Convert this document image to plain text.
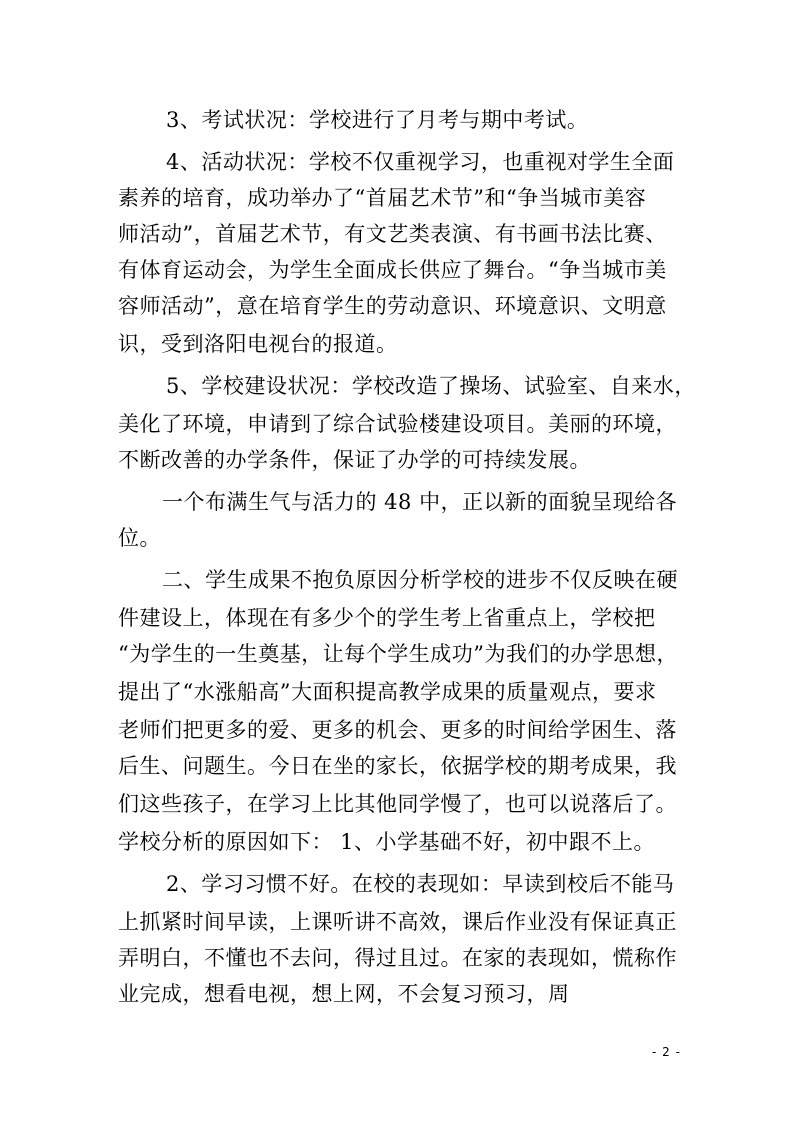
3、考试状况：学校进行了月考与期中考试。
4、活动状况：学校不仅重视学习，也重视对学生全面
素养的培育，成功举办了“首届艺术节”和“争当城市美容
师活动”，首届艺术节，有文艺类表演、有书画书法比赛、
有体育运动会，为学生全面成长供应了舞台。“争当城市美
容师活动”，意在培育学生的劳动意识、环境意识、文明意
识，受到洛阳电视台的报道。
5、学校建设状况：学校改造了操场、试验室、自来水，
美化了环境，申请到了综合试验楼建设项目。美丽的环境，
不断改善的办学条件，保证了办学的可持续发展。
一个布满生气与活力的 48 中，正以新的面貌呈现给各
位。
二、学生成果不抱负原因分析学校的进步不仅反映在硬
件建设上，体现在有多少个的学生考上省重点上，学校把
“为学生的一生奠基，让每个学生成功”为我们的办学思想，
提出了“水涨船高”大面积提高教学成果的质量观点，要求
老师们把更多的爱、更多的机会、更多的时间给学困生、落
后生、问题生。今日在坐的家长，依据学校的期考成果，我
们这些孩子，在学习上比其他同学慢了，也可以说落后了。
学校分析的原因如下： 1、小学基础不好，初中跟不上。
2、学习习惯不好。在校的表现如：早读到校后不能马
上抓紧时间早读，上课听讲不高效，课后作业没有保证真正
弄明白，不懂也不去问，得过且过。在家的表现如，慌称作
业完成，想看电视，想上网，不会复习预习，周
- 2 -
